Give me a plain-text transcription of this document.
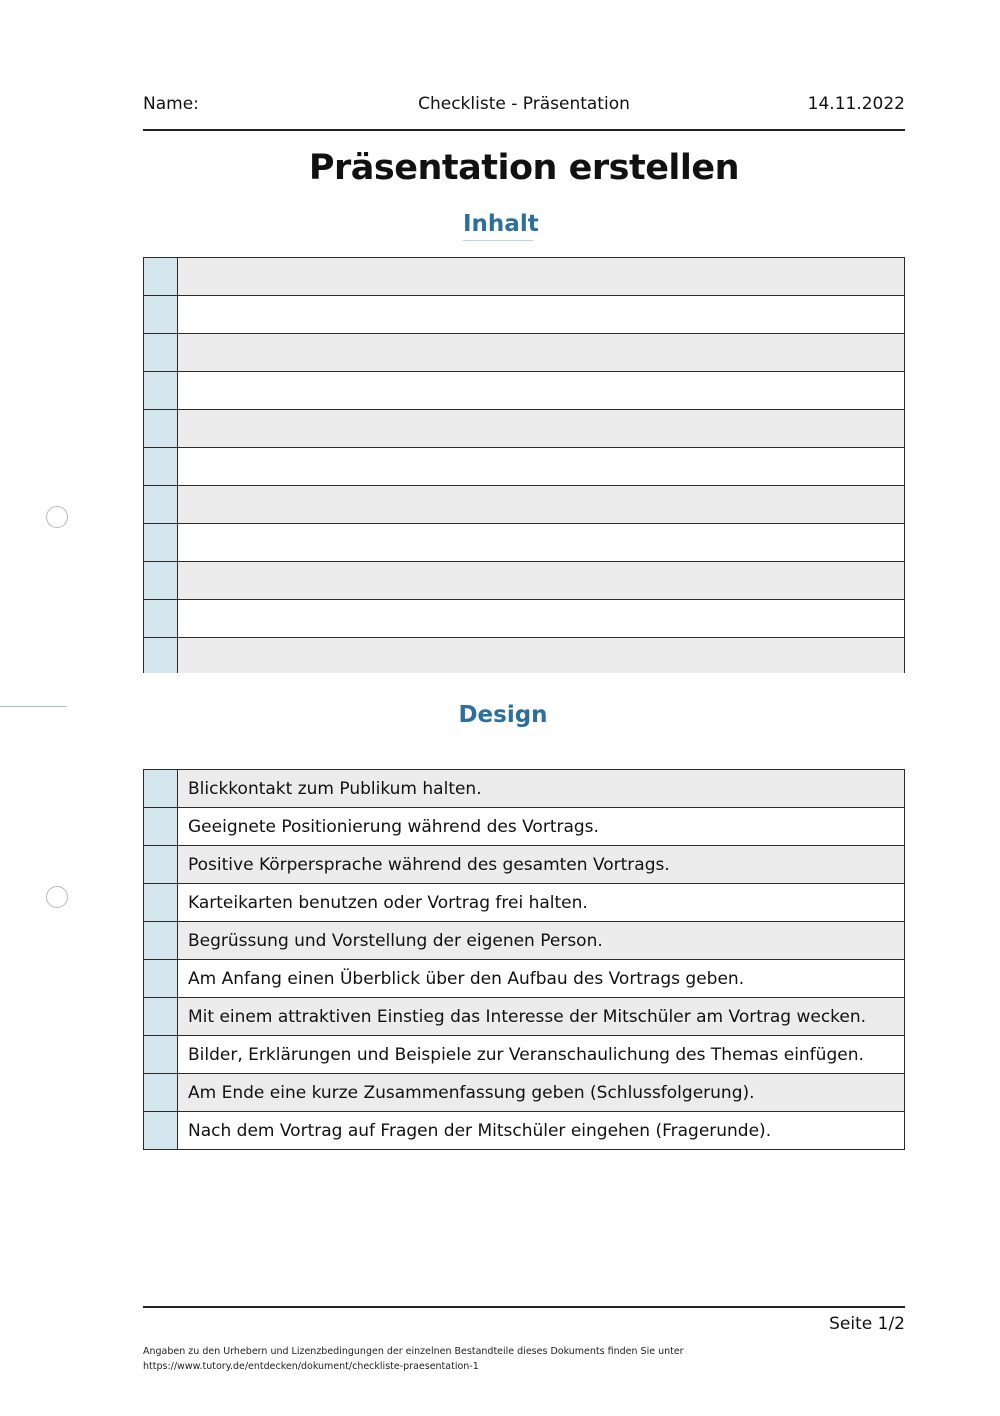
Name:	Checkliste - Präsentation	14.11.2022
Präsentation erstellen
Inhalt

Design
	Blickkontakt zum Publikum halten.
	Geeignete Positionierung während des Vortrags.
	Positive Körpersprache während des gesamten Vortrags.
	Karteikarten benutzen oder Vortrag frei halten.
	Begrüssung und Vorstellung der eigenen Person.
	Am Anfang einen Überblick über den Aufbau des Vortrags geben.
	Mit einem attraktiven Einstieg das Interesse der Mitschüler am Vortrag wecken.
	Bilder, Erklärungen und Beispiele zur Veranschaulichung des Themas einfügen.
	Am Ende eine kurze Zusammenfassung geben (Schlussfolgerung).
	Nach dem Vortrag auf Fragen der Mitschüler eingehen (Fragerunde).
Seite 1/2
Angaben zu den Urhebern und Lizenzbedingungen der einzelnen Bestandteile dieses Dokuments finden Sie unter
https://www.tutory.de/entdecken/dokument/checkliste-praesentation-1
